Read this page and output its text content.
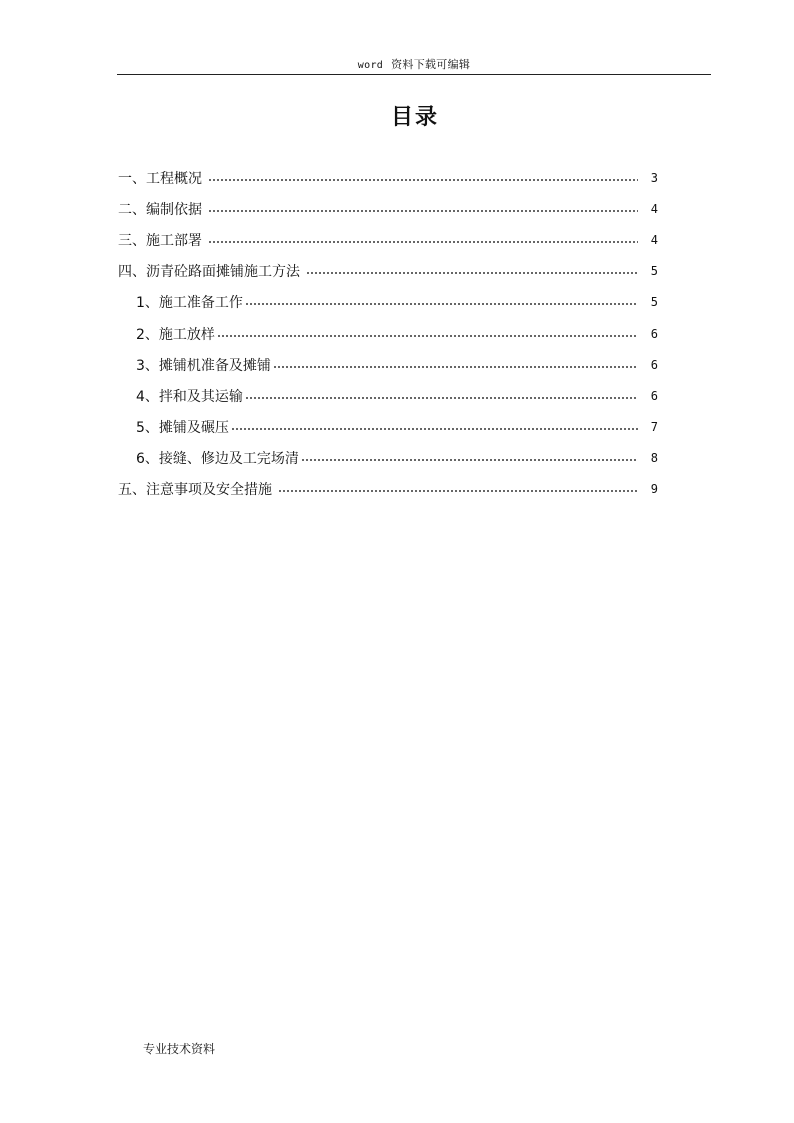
word 资料下载可编辑
目录
一、工程概况	3
二、编制依据	4
三、施工部署	4
四、沥青砼路面摊铺施工方法	5
1、施工准备工作	5
2、施工放样	6
3、摊铺机准备及摊铺	6
4、拌和及其运输	6
5、摊铺及碾压	7
6、接缝、修边及工完场清	8
五、注意事项及安全措施	9
专业技术资料
